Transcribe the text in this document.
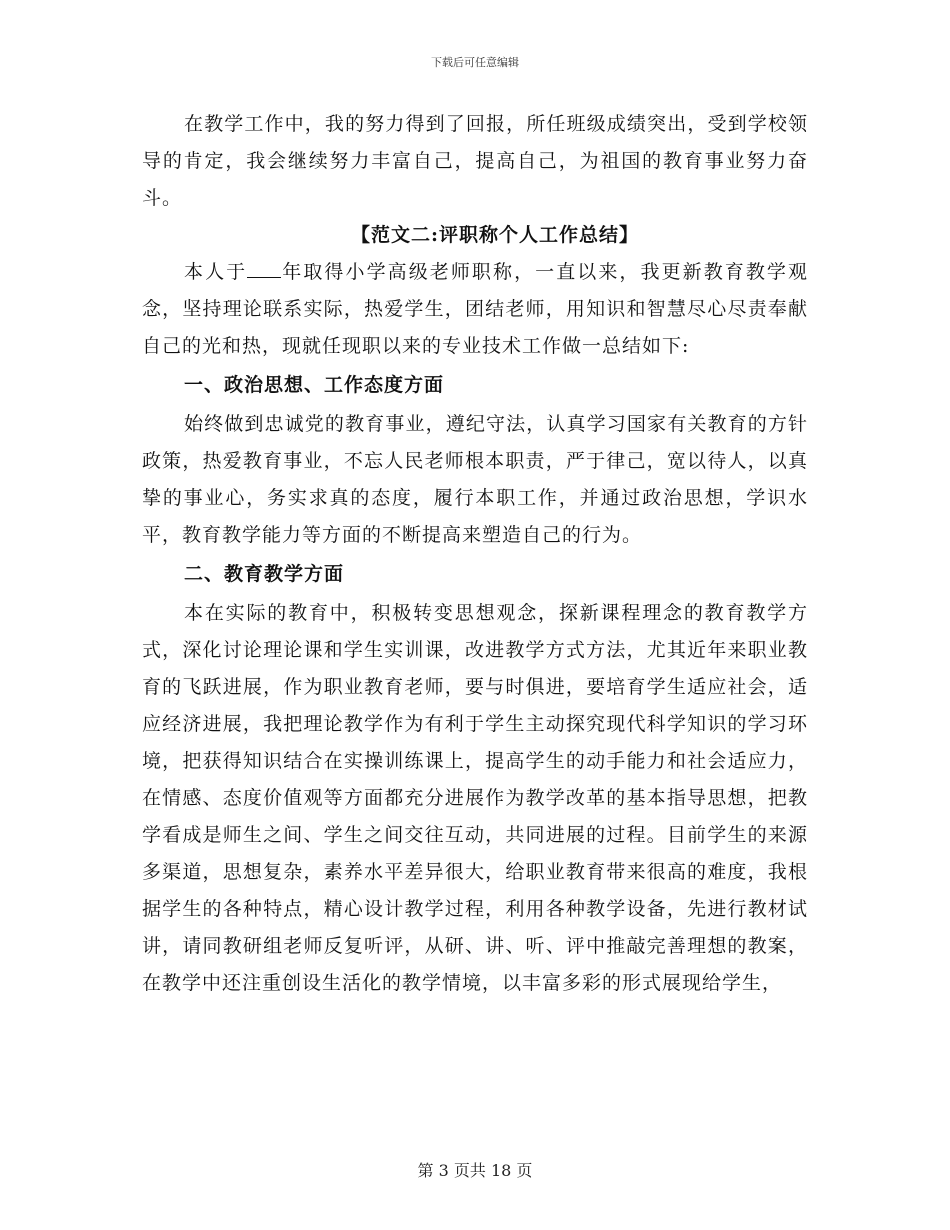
下载后可任意编辑

在教学工作中，我的努力得到了回报，所任班级成绩突出，受到学校领导的肯定，我会继续努力丰富自己，提高自己，为祖国的教育事业努力奋斗。

【范文二:评职称个人工作总结】

本人于 年取得小学高级老师职称，一直以来，我更新教育教学观念，坚持理论联系实际，热爱学生，团结老师，用知识和智慧尽心尽责奉献自己的光和热，现就任现职以来的专业技术工作做一总结如下:

一、政治思想、工作态度方面

始终做到忠诚党的教育事业，遵纪守法，认真学习国家有关教育的方针政策，热爱教育事业，不忘人民老师根本职责，严于律己，宽以待人，以真挚的事业心，务实求真的态度，履行本职工作，并通过政治思想，学识水平，教育教学能力等方面的不断提高来塑造自己的行为。

二、教育教学方面

本在实际的教育中，积极转变思想观念，探新课程理念的教育教学方式，深化讨论理论课和学生实训课，改进教学方式方法，尤其近年来职业教育的飞跃进展，作为职业教育老师，要与时俱进，要培育学生适应社会，适应经济进展，我把理论教学作为有利于学生主动探究现代科学知识的学习环境，把获得知识结合在实操训练课上，提高学生的动手能力和社会适应力，在情感、态度价值观等方面都充分进展作为教学改革的基本指导思想，把教学看成是师生之间、学生之间交往互动，共同进展的过程。目前学生的来源多渠道，思想复杂，素养水平差异很大，给职业教育带来很高的难度，我根据学生的各种特点，精心设计教学过程，利用各种教学设备，先进行教材试讲，请同教研组老师反复听评，从研、讲、听、评中推敲完善理想的教案，在教学中还注重创设生活化的教学情境，以丰富多彩的形式展现给学生，

第 3 页共 18 页
